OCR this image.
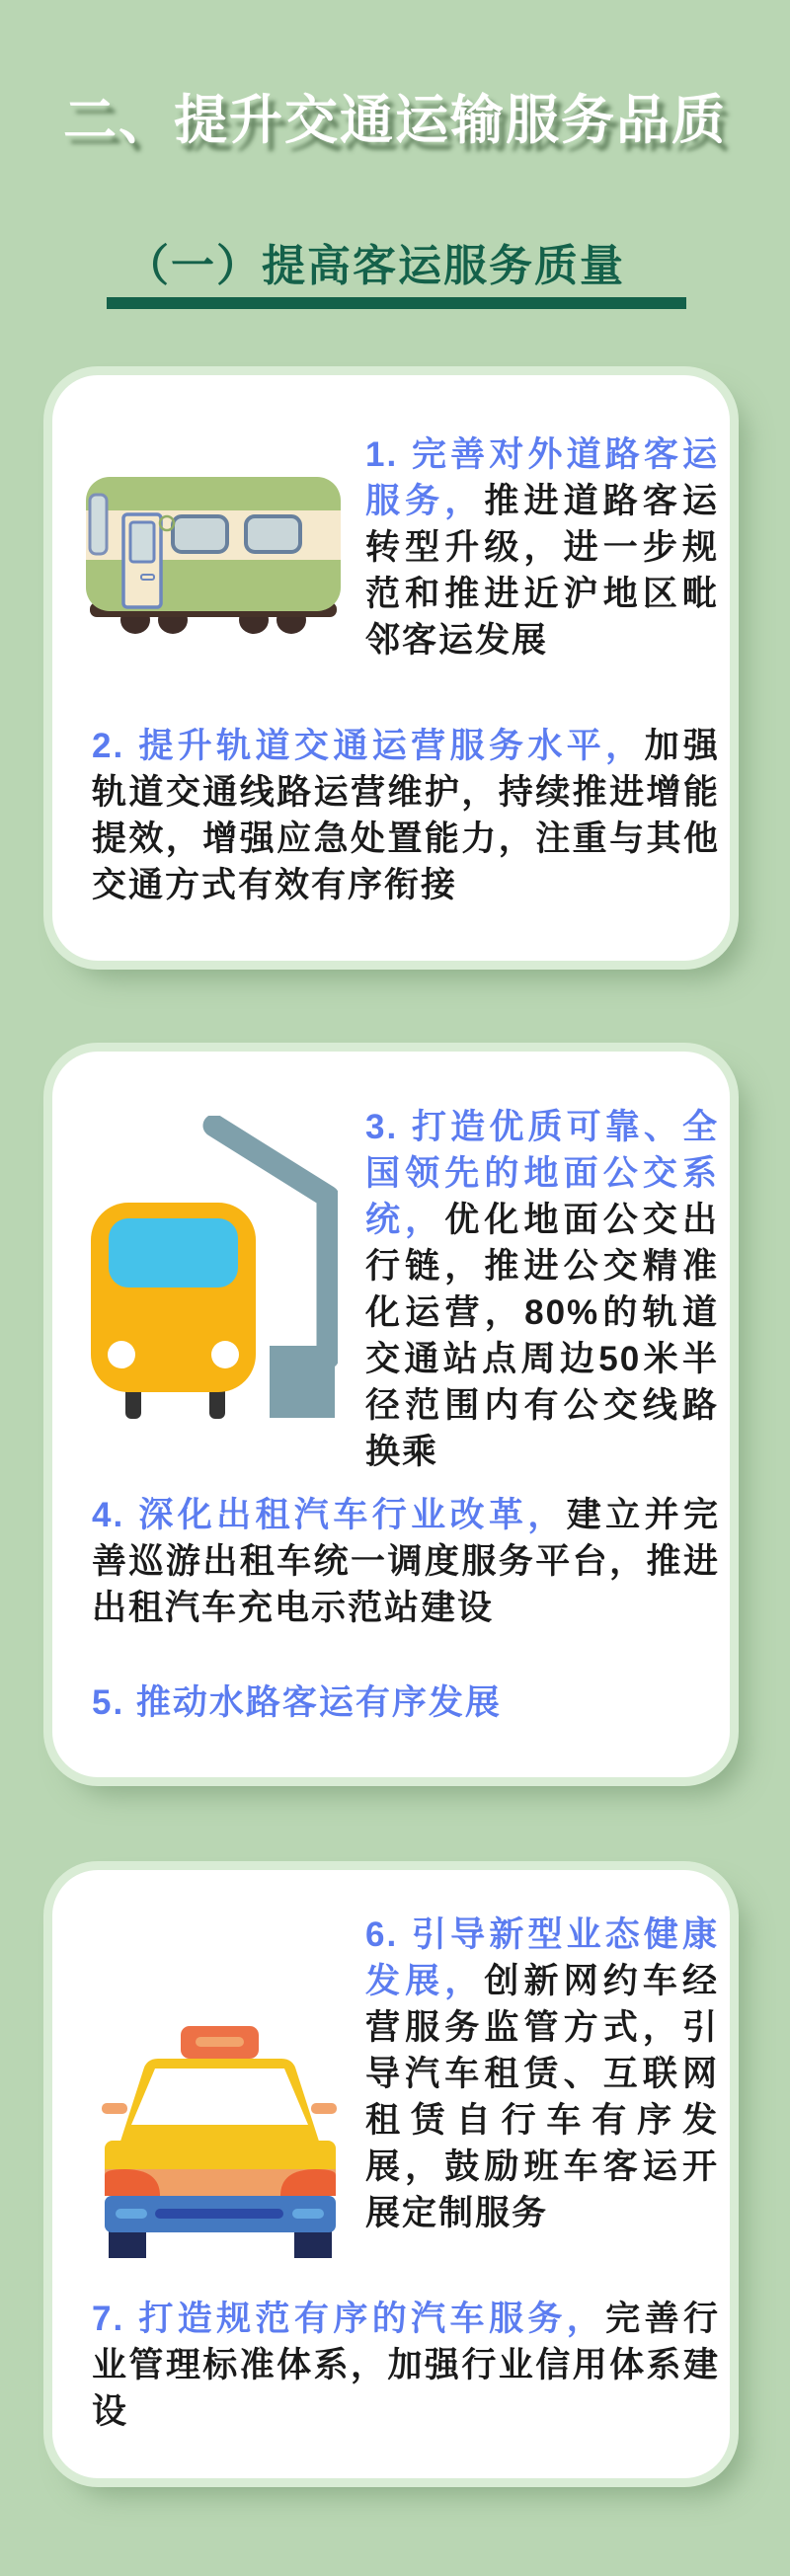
二、提升交通运输服务品质
（一）提高客运服务质量

1. 完善对外道路客运服务，推进道路客运转型升级，进一步规范和推进近沪地区毗邻客运发展

2. 提升轨道交通运营服务水平，加强轨道交通线路运营维护，持续推进增能提效，增强应急处置能力，注重与其他交通方式有效有序衔接

3. 打造优质可靠、全国领先的地面公交系统，优化地面公交出行链，推进公交精准化运营，80%的轨道交通站点周边50米半径范围内有公交线路换乘

4. 深化出租汽车行业改革，建立并完善巡游出租车统一调度服务平台，推进出租汽车充电示范站建设

5. 推动水路客运有序发展

6. 引导新型业态健康发展，创新网约车经营服务监管方式，引导汽车租赁、互联网租赁自行车有序发展，鼓励班车客运开展定制服务

7. 打造规范有序的汽车服务，完善行业管理标准体系，加强行业信用体系建设
